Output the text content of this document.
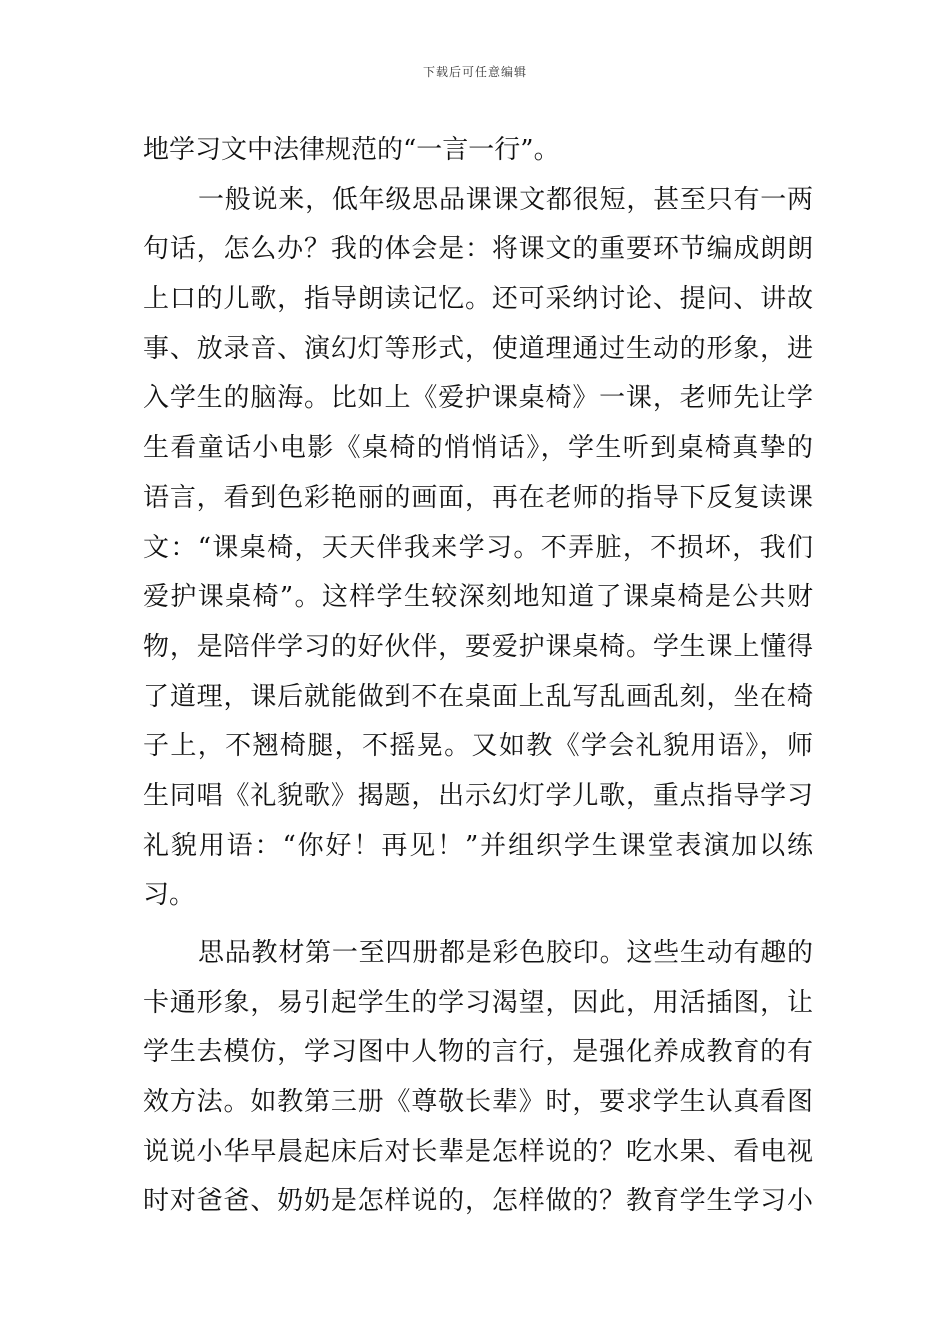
下载后可任意编辑
地学习文中法律规范的“一言一行”。
一般说来，低年级思品课课文都很短，甚至只有一两
句话，怎么办？我的体会是：将课文的重要环节编成朗朗
上口的儿歌，指导朗读记忆。还可采纳讨论、提问、讲故
事、放录音、演幻灯等形式，使道理通过生动的形象，进
入学生的脑海。比如上《爱护课桌椅》一课，老师先让学
生看童话小电影《桌椅的悄悄话》，学生听到桌椅真挚的
语言，看到色彩艳丽的画面，再在老师的指导下反复读课
文：“课桌椅，天天伴我来学习。不弄脏，不损坏，我们
爱护课桌椅”。这样学生较深刻地知道了课桌椅是公共财
物，是陪伴学习的好伙伴，要爱护课桌椅。学生课上懂得
了道理，课后就能做到不在桌面上乱写乱画乱刻，坐在椅
子上，不翘椅腿，不摇晃。又如教《学会礼貌用语》，师
生同唱《礼貌歌》揭题，出示幻灯学儿歌，重点指导学习
礼貌用语：“你好！再见！”并组织学生课堂表演加以练
习。
思品教材第一至四册都是彩色胶印。这些生动有趣的
卡通形象，易引起学生的学习渴望，因此，用活插图，让
学生去模仿，学习图中人物的言行，是强化养成教育的有
效方法。如教第三册《尊敬长辈》时，要求学生认真看图
说说小华早晨起床后对长辈是怎样说的？吃水果、看电视
时对爸爸、奶奶是怎样说的，怎样做的？教育学生学习小
